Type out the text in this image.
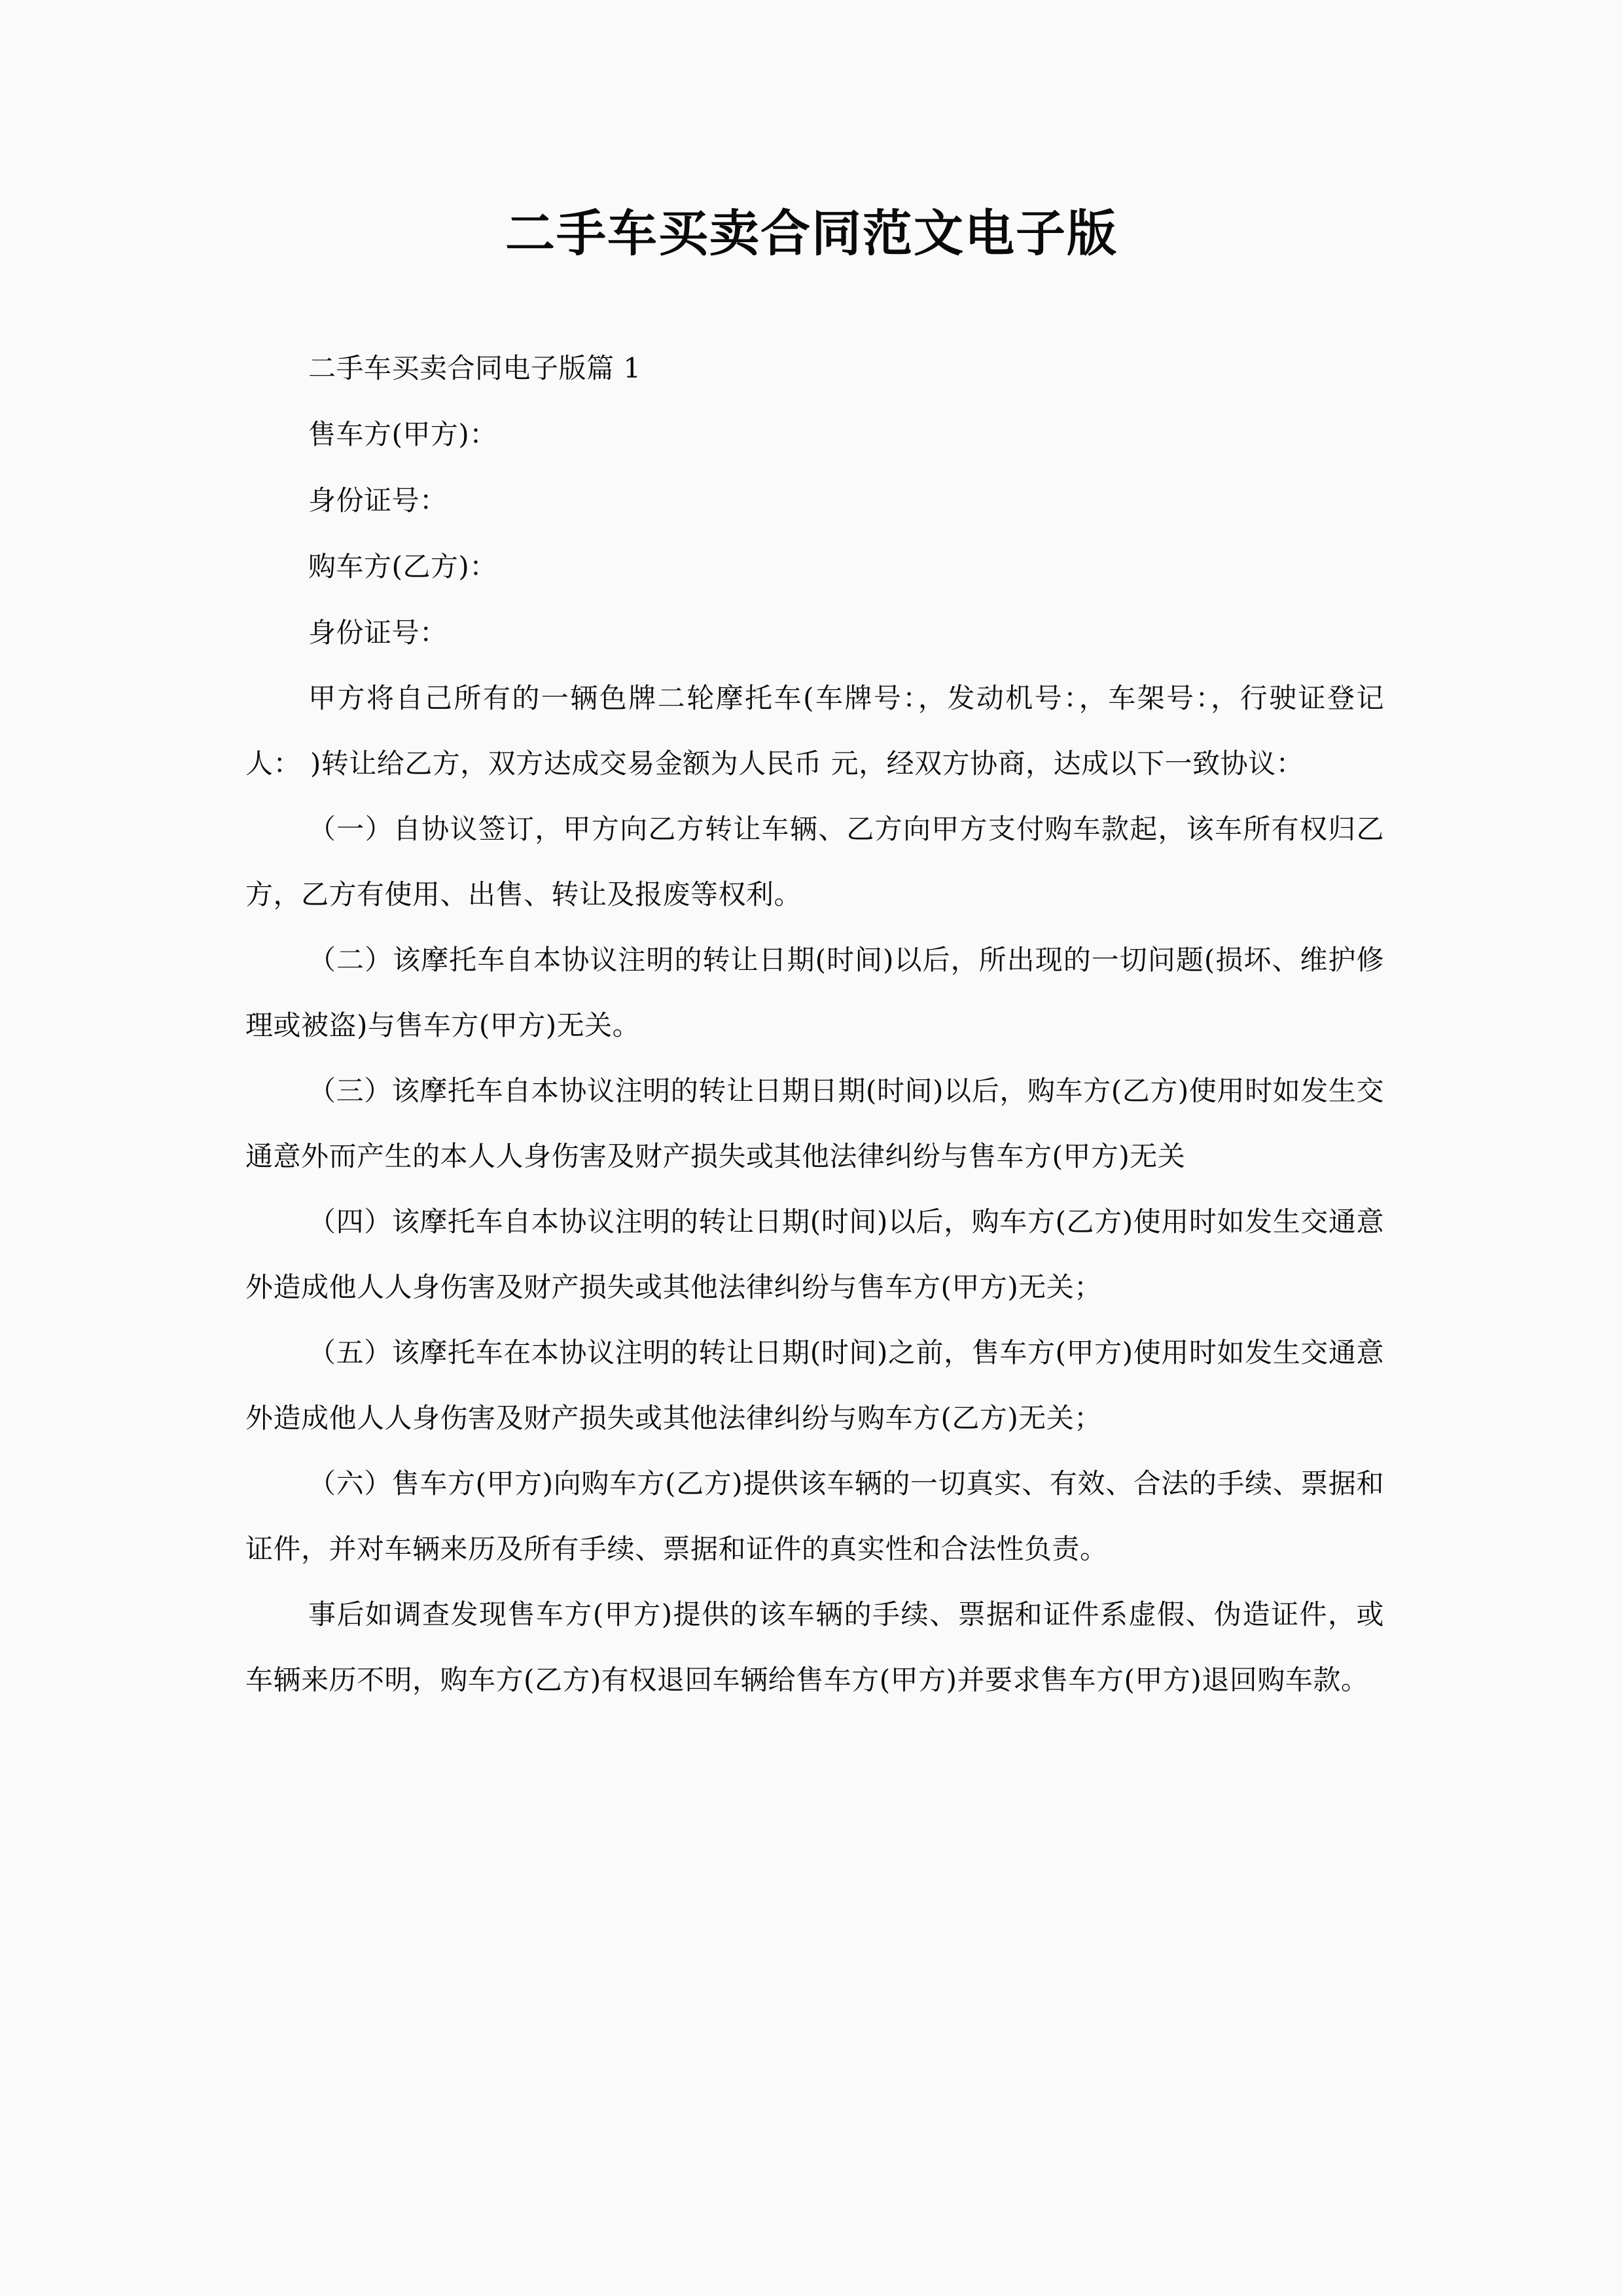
二手车买卖合同范文电子版

二手车买卖合同电子版篇 1

售车方(甲方)：

身份证号：

购车方(乙方)：

身份证号：

甲方将自己所有的一辆色牌二轮摩托车(车牌号：，发动机号：，车架号：，行驶证登记人： )转让给乙方，双方达成交易金额为人民币 元，经双方协商，达成以下一致协议：

（一）自协议签订，甲方向乙方转让车辆、乙方向甲方支付购车款起，该车所有权归乙方，乙方有使用、出售、转让及报废等权利。

（二）该摩托车自本协议注明的转让日期(时间)以后，所出现的一切问题(损坏、维护修理或被盗)与售车方(甲方)无关。

（三）该摩托车自本协议注明的转让日期日期(时间)以后，购车方(乙方)使用时如发生交通意外而产生的本人人身伤害及财产损失或其他法律纠纷与售车方(甲方)无关

（四）该摩托车自本协议注明的转让日期(时间)以后，购车方(乙方)使用时如发生交通意外造成他人人身伤害及财产损失或其他法律纠纷与售车方(甲方)无关；

（五）该摩托车在本协议注明的转让日期(时间)之前，售车方(甲方)使用时如发生交通意外造成他人人身伤害及财产损失或其他法律纠纷与购车方(乙方)无关；

（六）售车方(甲方)向购车方(乙方)提供该车辆的一切真实、有效、合法的手续、票据和证件，并对车辆来历及所有手续、票据和证件的真实性和合法性负责。

事后如调查发现售车方(甲方)提供的该车辆的手续、票据和证件系虚假、伪造证件，或车辆来历不明，购车方(乙方)有权退回车辆给售车方(甲方)并要求售车方(甲方)退回购车款。
